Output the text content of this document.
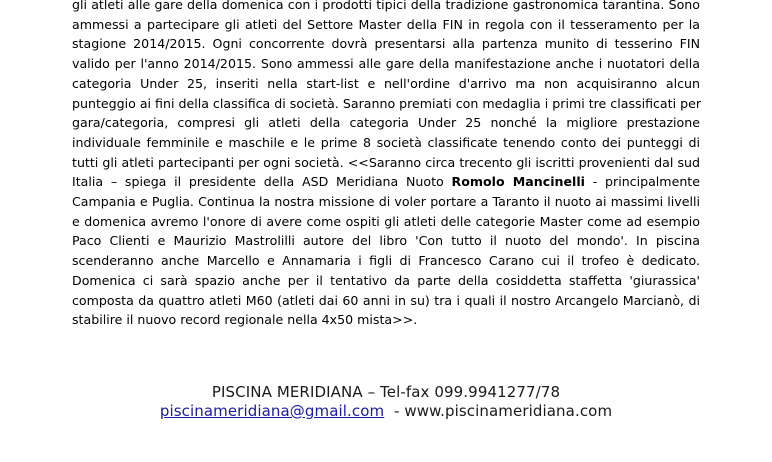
gli atleti alle gare della domenica con i prodotti tipici della tradizione gastronomica tarantina. Sono
ammessi a partecipare gli atleti del Settore Master della FIN in regola con il tesseramento per la
stagione 2014/2015. Ogni concorrente dovrà presentarsi alla partenza munito di tesserino FIN
valido per l'anno 2014/2015. Sono ammessi alle gare della manifestazione anche i nuotatori della
categoria Under 25, inseriti nella start-list e nell'ordine d'arrivo ma non acquisiranno alcun
punteggio ai fini della classifica di società. Saranno premiati con medaglia i primi tre classificati per
gara/categoria, compresi gli atleti della categoria Under 25 nonché la migliore prestazione
individuale femminile e maschile e le prime 8 società classificate tenendo conto dei punteggi di
tutti gli atleti partecipanti per ogni società. <<Saranno circa trecento gli iscritti provenienti dal sud
Italia – spiega il presidente della ASD Meridiana Nuoto Romolo Mancinelli - principalmente
Campania e Puglia. Continua la nostra missione di voler portare a Taranto il nuoto ai massimi livelli
e domenica avremo l'onore di avere come ospiti gli atleti delle categorie Master come ad esempio
Paco Clienti e Maurizio Mastrolilli autore del libro 'Con tutto il nuoto del mondo'. In piscina
scenderanno anche Marcello e Annamaria i figli di Francesco Carano cui il trofeo è dedicato.
Domenica ci sarà spazio anche per il tentativo da parte della cosiddetta staffetta 'giurassica'
composta da quattro atleti M60 (atleti dai 60 anni in su) tra i quali il nostro Arcangelo Marcianò, di
stabilire il nuovo record regionale nella 4x50 mista>>.

PISCINA MERIDIANA – Tel-fax 099.9941277/78
piscinameridiana@gmail.com  - www.piscinameridiana.com
